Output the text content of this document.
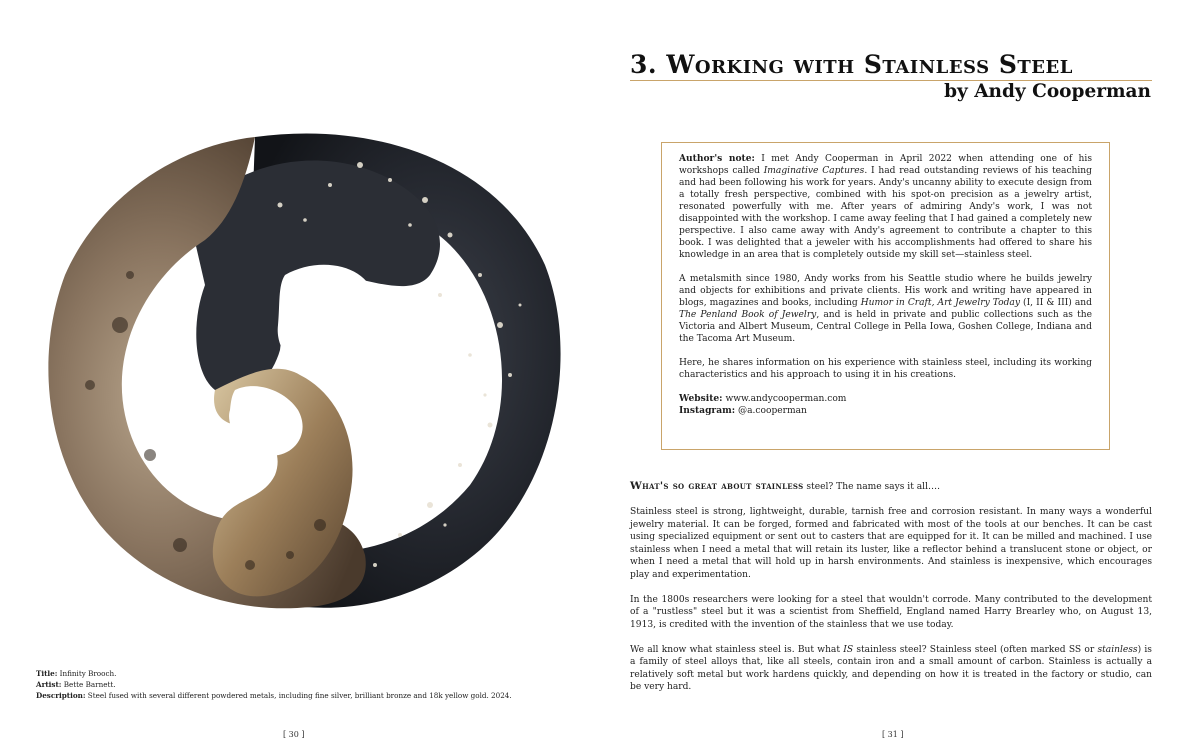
Title: Infinity Brooch.
Artist: Bette Barnett.
Description: Steel fused with several different powdered metals, including fine silver, brilliant bronze and 18k yellow gold. 2024.
[ 30 ]
3. Working with Stainless Steel
by Andy Cooperman

Author's note: I met Andy Cooperman in April 2022 when attending one of his workshops called Imaginative Captures. I had read outstanding reviews of his teaching and had been following his work for years. Andy's uncanny ability to execute design from a totally fresh perspective, combined with his spot-on precision as a jewelry artist, resonated powerfully with me. After years of admiring Andy's work, I was not disappointed with the workshop. I came away feeling that I had gained a completely new perspective. I also came away with Andy's agreement to contribute a chapter to this book. I was delighted that a jeweler with his accomplishments had offered to share his knowledge in an area that is completely outside my skill set—stainless steel.

A metalsmith since 1980, Andy works from his Seattle studio where he builds jewelry and objects for exhibitions and private clients. His work and writing have appeared in blogs, magazines and books, including Humor in Craft, Art Jewelry Today (I, II & III) and The Penland Book of Jewelry, and is held in private and public collections such as the Victoria and Albert Museum, Central College in Pella Iowa, Goshen College, Indiana and the Tacoma Art Museum.

Here, he shares information on his experience with stainless steel, including its working characteristics and his approach to using it in his creations.

Website: www.andycooperman.com

Instagram: @a.cooperman

What's so great about stainless steel? The name says it all….

Stainless steel is strong, lightweight, durable, tarnish free and corrosion resistant. In many ways a wonderful jewelry material. It can be forged, formed and fabricated with most of the tools at our benches. It can be cast using specialized equipment or sent out to casters that are equipped for it. It can be milled and machined. I use stainless when I need a metal that will retain its luster, like a reflector behind a translucent stone or object, or when I need a metal that will hold up in harsh environments. And stainless is inexpensive, which encourages play and experimentation.

In the 1800s researchers were looking for a steel that wouldn't corrode. Many contributed to the development of a "rustless" steel but it was a scientist from Sheffield, England named Harry Brearley who, on August 13, 1913, is credited with the invention of the stainless that we use today.

We all know what stainless steel is. But what IS stainless steel? Stainless steel (often marked SS or stainless) is a family of steel alloys that, like all steels, contain iron and a small amount of carbon. Stainless is actually a relatively soft metal but work hardens quickly, and depending on how it is treated in the factory or studio, can be very hard.

[ 31 ]
